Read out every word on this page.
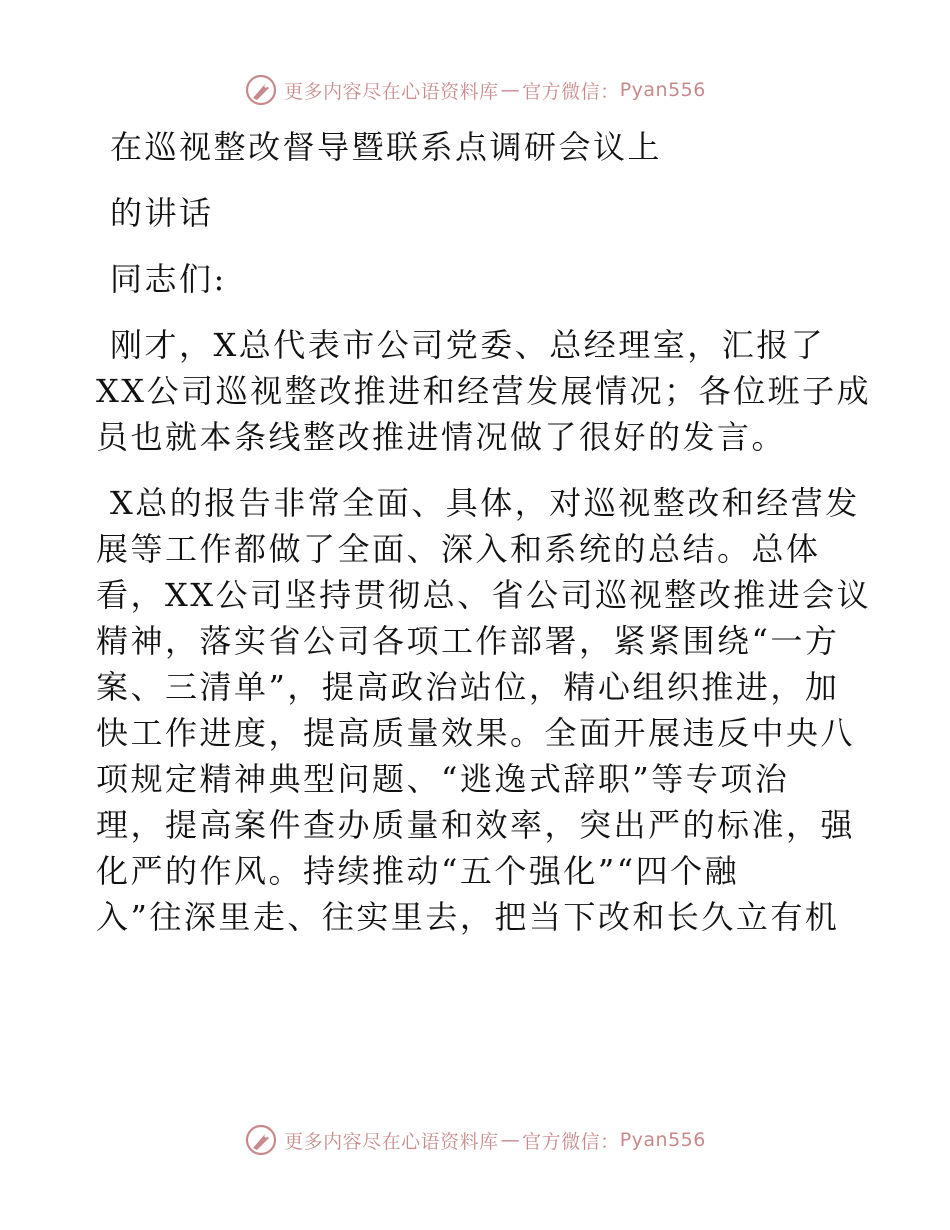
更多内容尽在心语资料库 — 官方微信： Pyan556

在巡视整改督导暨联系点调研会议上

的讲话

同志们:

刚才，X总代表市公司党委、总经理室，汇报了

XX公司巡视整改推进和经营发展情况；各位班子成

员也就本条线整改推进情况做了很好的发言。

X总的报告非常全面、具体，对巡视整改和经营发

展等工作都做了全面、深入和系统的总结。总体

看，XX公司坚持贯彻总、省公司巡视整改推进会议

精神，落实省公司各项工作部署，紧紧围绕“一方

案、三清单”，提高政治站位，精心组织推进，加

快工作进度，提高质量效果。全面开展违反中央八

项规定精神典型问题、“逃逸式辞职”等专项治

理，提高案件查办质量和效率，突出严的标准，强

化严的作风。持续推动“五个强化”“四个融

入”往深里走、往实里去，把当下改和长久立有机

更多内容尽在心语资料库 — 官方微信： Pyan556
